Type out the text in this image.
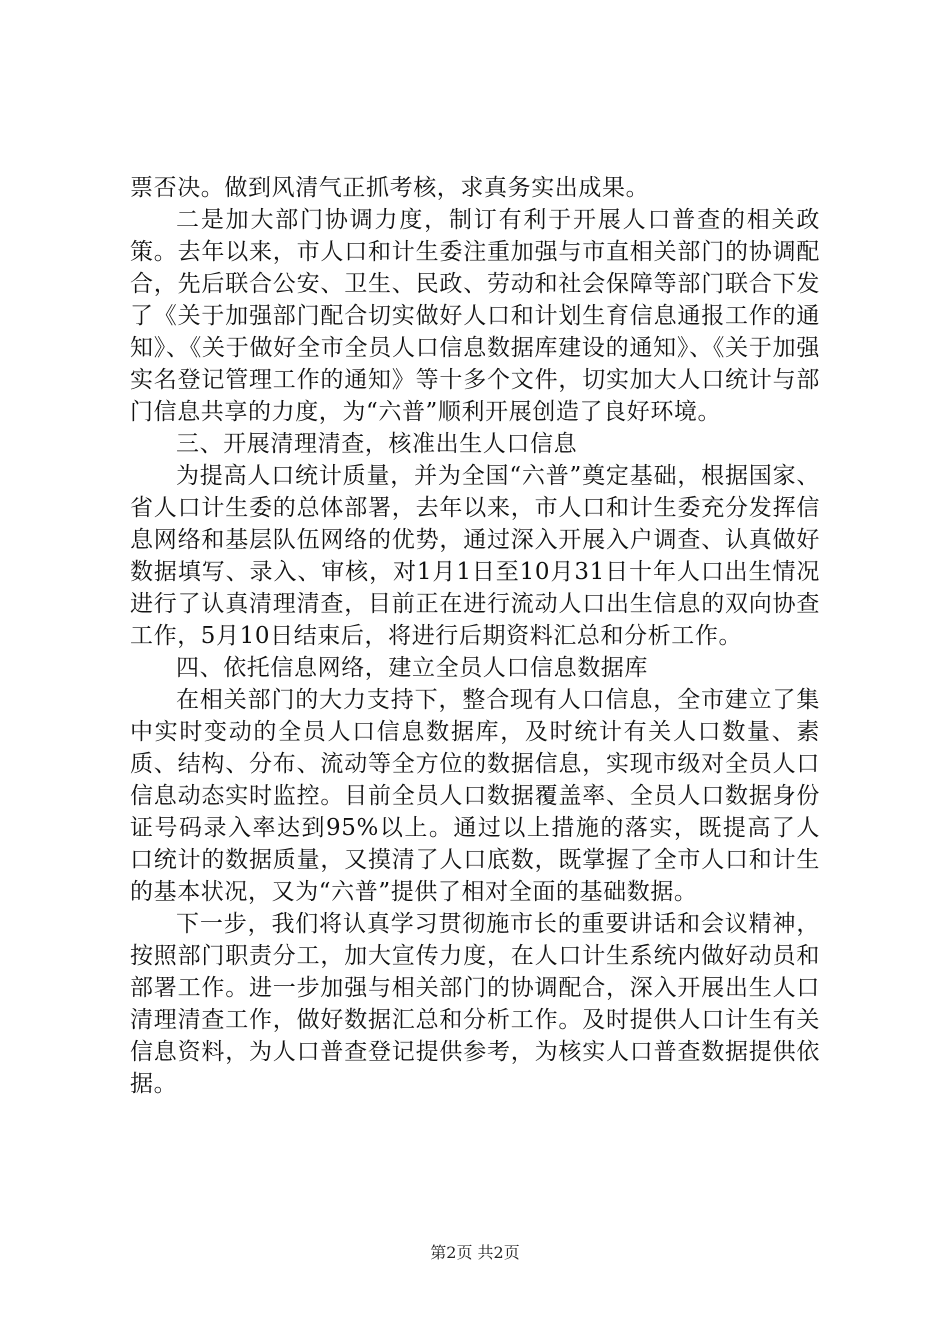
票否决。做到风清气正抓考核，求真务实出成果。

二是加大部门协调力度，制订有利于开展人口普查的相关政策。去年以来，市人口和计生委注重加强与市直相关部门的协调配合，先后联合公安、卫生、民政、劳动和社会保障等部门联合下发了《关于加强部门配合切实做好人口和计划生育信息通报工作的通知》、《关于做好全市全员人口信息数据库建设的通知》、《关于加强实名登记管理工作的通知》等十多个文件，切实加大人口统计与部门信息共享的力度，为“六普”顺利开展创造了良好环境。

三、开展清理清查，核准出生人口信息

为提高人口统计质量，并为全国“六普”奠定基础，根据国家、省人口计生委的总体部署，去年以来，市人口和计生委充分发挥信息网络和基层队伍网络的优势，通过深入开展入户调查、认真做好数据填写、录入、审核，对1月1日至10月31日十年人口出生情况进行了认真清理清查，目前正在进行流动人口出生信息的双向协查工作，5月10日结束后，将进行后期资料汇总和分析工作。

四、依托信息网络，建立全员人口信息数据库

在相关部门的大力支持下，整合现有人口信息，全市建立了集中实时变动的全员人口信息数据库，及时统计有关人口数量、素质、结构、分布、流动等全方位的数据信息，实现市级对全员人口信息动态实时监控。目前全员人口数据覆盖率、全员人口数据身份证号码录入率达到95%以上。通过以上措施的落实，既提高了人口统计的数据质量，又摸清了人口底数，既掌握了全市人口和计生的基本状况，又为“六普”提供了相对全面的基础数据。

下一步，我们将认真学习贯彻施市长的重要讲话和会议精神，按照部门职责分工，加大宣传力度，在人口计生系统内做好动员和部署工作。进一步加强与相关部门的协调配合，深入开展出生人口清理清查工作，做好数据汇总和分析工作。及时提供人口计生有关信息资料，为人口普查登记提供参考，为核实人口普查数据提供依据。

第2页 共2页
